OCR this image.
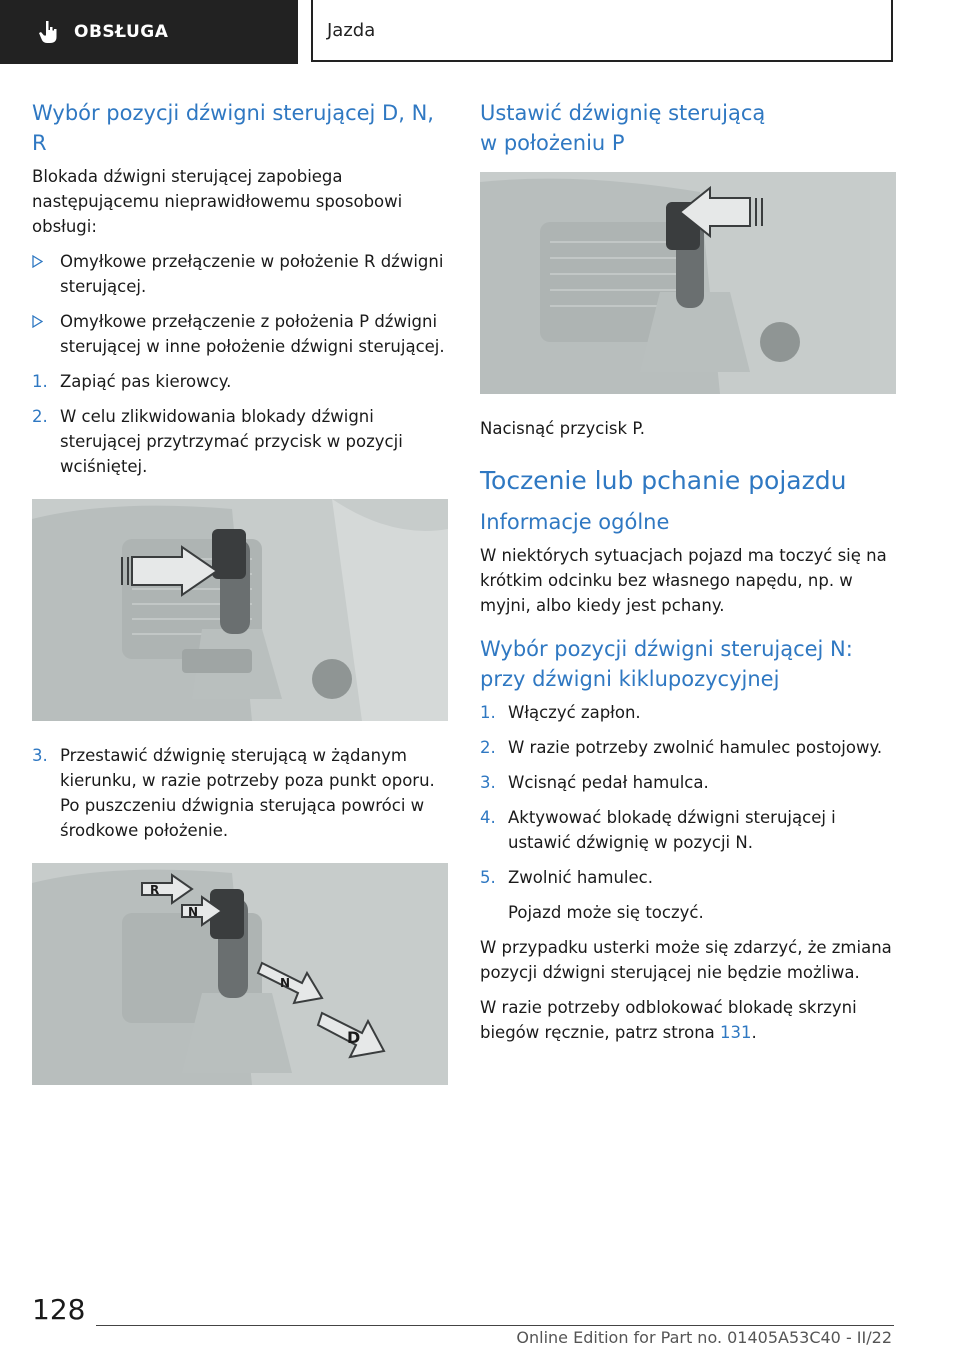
OBSŁUGA	Jazda
Wybór pozycji dźwigni sterującej D, N, R

Blokada dźwigni sterującej zapobiega następującemu nieprawidłowemu sposobowi obsługi:

Omyłkowe przełączenie w położenie R dźwigni sterującej.
Omyłkowe przełączenie z położenia P dźwigni sterującej w inne położenie dźwigni sterującej.
1. Zapiąć pas kierowcy.
2. W celu zlikwidowania blokady dźwigni sterującej przytrzymać przycisk w pozycji wciśniętej.
3. Przestawić dźwignię sterującą w żądanym kierunku, w razie potrzeby poza punkt oporu. Po puszczeniu dźwignia sterująca powróci w środkowe położenie.
R
N
N
D
Ustawić dźwignię sterującą w położeniu P

Nacisnąć przycisk P.

Toczenie lub pchanie pojazdu
Informacje ogólne

W niektórych sytuacjach pojazd ma toczyć się na krótkim odcinku bez własnego napędu, np. w myjni, albo kiedy jest pchany.

Wybór pozycji dźwigni sterującej N: przy dźwigni kiklupozycyjnej
1. Włączyć zapłon.
2. W razie potrzeby zwolnić hamulec postojowy.
3. Wcisnąć pedał hamulca.
4. Aktywować blokadę dźwigni sterującej i ustawić dźwignię w pozycji N.
5. Zwolnić hamulec.

Pojazd może się toczyć.

W przypadku usterki może się zdarzyć, że zmiana pozycji dźwigni sterującej nie będzie możliwa.

W razie potrzeby odblokować blokadę skrzyni biegów ręcznie, patrz strona 131.

128
Online Edition for Part no. 01405A53C40 - II/22
